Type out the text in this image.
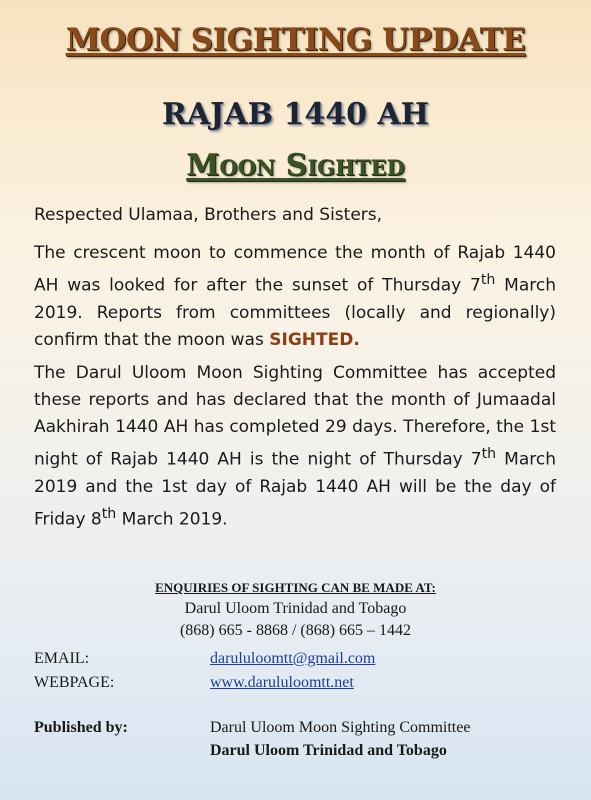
MOON SIGHTING UPDATE
RAJAB 1440 AH
Moon Sighted

Respected Ulamaa, Brothers and Sisters,

The crescent moon to commence the month of Rajab 1440 AH was looked for after the sunset of Thursday 7th March 2019. Reports from committees (locally and regionally) confirm that the moon was SIGHTED.

The Darul Uloom Moon Sighting Committee has accepted these reports and has declared that the month of Jumaadal Aakhirah 1440 AH has completed 29 days. Therefore, the 1st night of Rajab 1440 AH is the night of Thursday 7th March 2019 and the 1st day of Rajab 1440 AH will be the day of Friday 8th March 2019.

ENQUIRIES OF SIGHTING CAN BE MADE AT:

Darul Uloom Trinidad and Tobago

(868) 665 - 8868 / (868) 665 – 1442

EMAIL:	darululoomtt@gmail.com

WEBPAGE:	www.darululoomtt.net

Published by:	Darul Uloom Moon Sighting Committee

Darul Uloom Trinidad and Tobago
